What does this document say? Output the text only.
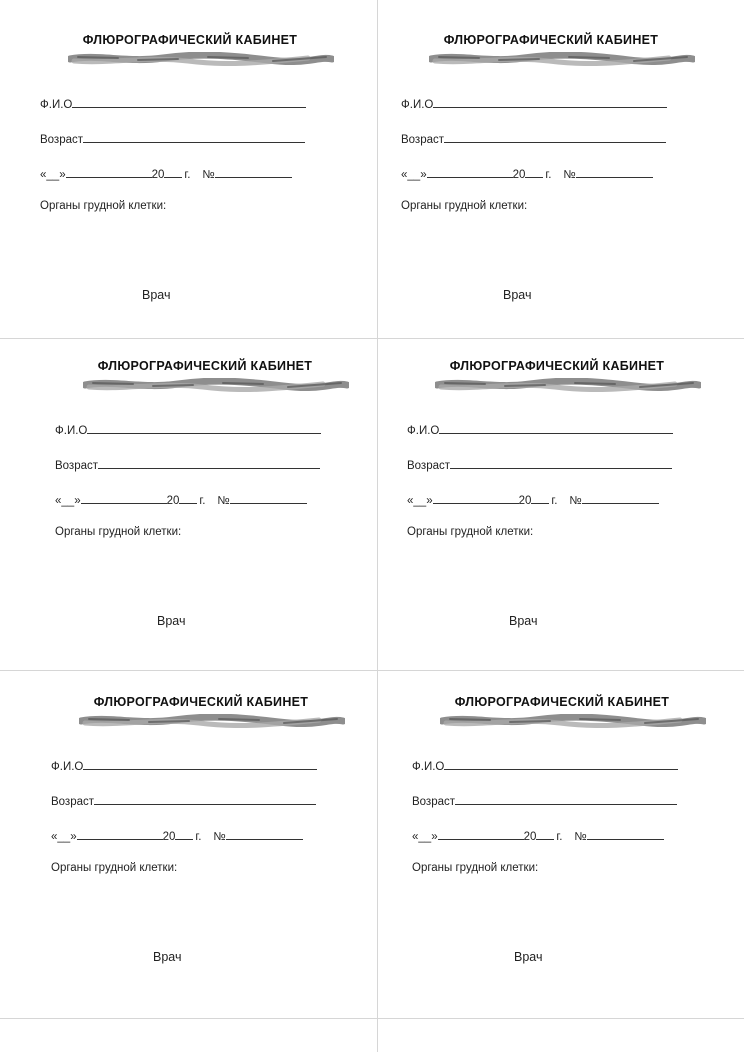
ФЛЮРОГРАФИЧЕСКИЙ КАБИНЕТ
Ф.И.О
Возраст
«__»	20 г. №
Органы грудной клетки:
Врач
ФЛЮРОГРАФИЧЕСКИЙ КАБИНЕТ
Ф.И.О
Возраст
«__»	20 г. №
Органы грудной клетки:
Врач
ФЛЮРОГРАФИЧЕСКИЙ КАБИНЕТ
Ф.И.О
Возраст
«__»	20 г. №
Органы грудной клетки:
Врач
ФЛЮРОГРАФИЧЕСКИЙ КАБИНЕТ
Ф.И.О
Возраст
«__»	20 г. №
Органы грудной клетки:
Врач
ФЛЮРОГРАФИЧЕСКИЙ КАБИНЕТ
Ф.И.О
Возраст
«__»	20 г. №
Органы грудной клетки:
Врач
ФЛЮРОГРАФИЧЕСКИЙ КАБИНЕТ
Ф.И.О
Возраст
«__»	20 г. №
Органы грудной клетки:
Врач
